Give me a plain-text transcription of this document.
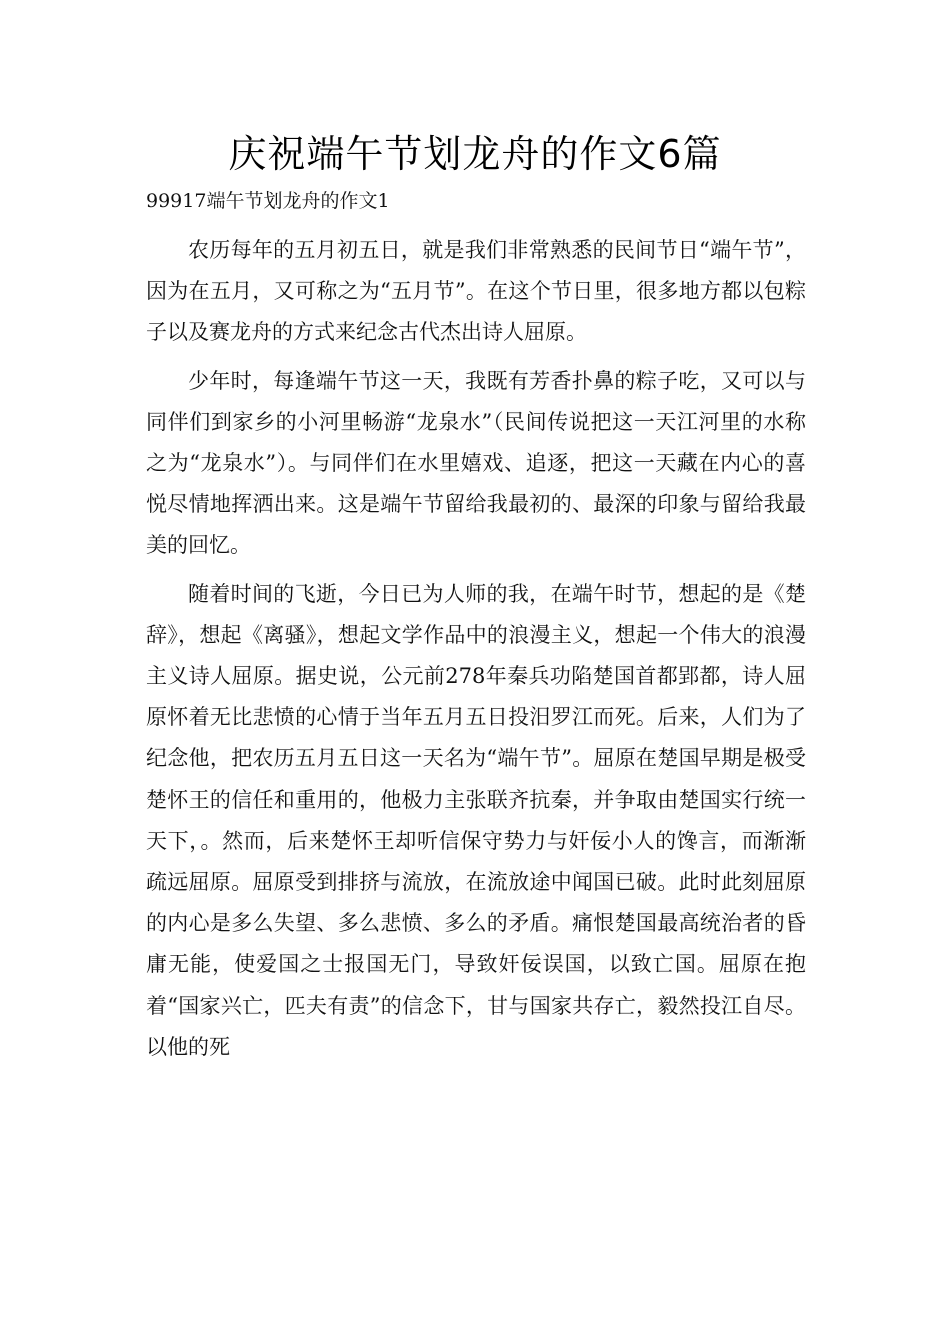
庆祝端午节划龙舟的作文6篇
99917端午节划龙舟的作文1

农历每年的五月初五日，就是我们非常熟悉的民间节日“端午节”，因为在五月，又可称之为“五月节”。在这个节日里，很多地方都以包粽子以及赛龙舟的方式来纪念古代杰出诗人屈原。

少年时，每逢端午节这一天，我既有芳香扑鼻的粽子吃，又可以与同伴们到家乡的小河里畅游“龙泉水”（民间传说把这一天江河里的水称之为“龙泉水”）。与同伴们在水里嬉戏、追逐，把这一天藏在内心的喜悦尽情地挥洒出来。这是端午节留给我最初的、最深的印象与留给我最美的回忆。

随着时间的飞逝，今日已为人师的我，在端午时节，想起的是《楚辞》，想起《离骚》，想起文学作品中的浪漫主义，想起一个伟大的浪漫主义诗人屈原。据史说，公元前278年秦兵功陷楚国首都郢都，诗人屈原怀着无比悲愤的心情于当年五月五日投汨罗江而死。后来，人们为了纪念他，把农历五月五日这一天名为“端午节”。屈原在楚国早期是极受楚怀王的信任和重用的，他极力主张联齐抗秦，并争取由楚国实行统一天下，。然而，后来楚怀王却听信保守势力与奸佞小人的馋言，而渐渐疏远屈原。屈原受到排挤与流放，在流放途中闻国已破。此时此刻屈原的内心是多么失望、多么悲愤、多么的矛盾。痛恨楚国最高统治者的昏庸无能，使爱国之士报国无门，导致奸佞误国，以致亡国。屈原在抱着“国家兴亡，匹夫有责”的信念下，甘与国家共存亡，毅然投江自尽。以他的死
